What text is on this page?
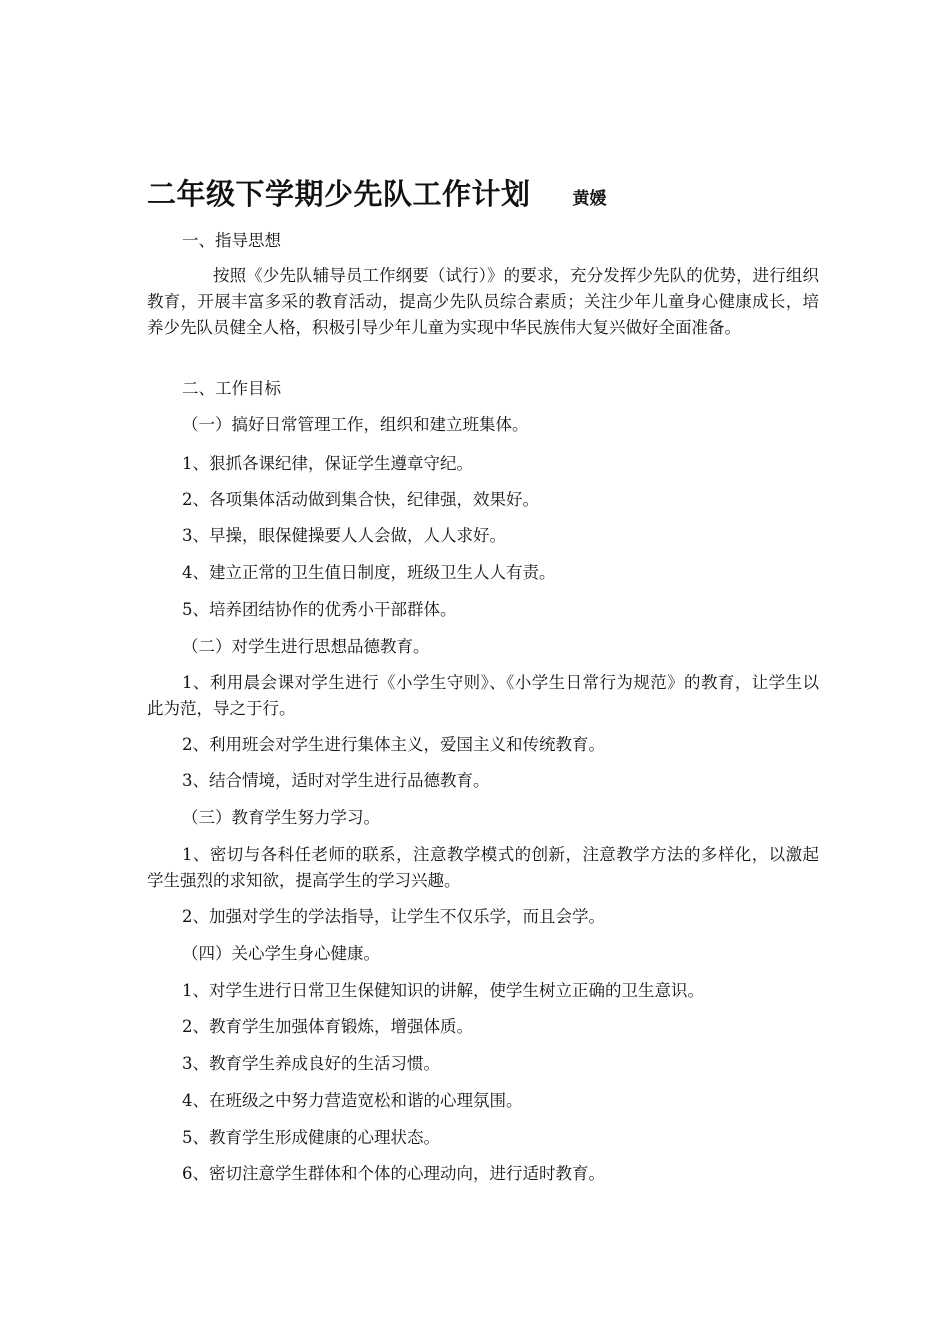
二年级下学期少先队工作计划 黄媛
一、指导思想
按照《少先队辅导员工作纲要（试行）》的要求，充分发挥少先队的优势，进行组织教育，开展丰富多采的教育活动，提高少先队员综合素质；关注少年儿童身心健康成长，培养少先队员健全人格，积极引导少年儿童为实现中华民族伟大复兴做好全面准备。
二、工作目标
（一）搞好日常管理工作，组织和建立班集体。
1、狠抓各课纪律，保证学生遵章守纪。
2、各项集体活动做到集合快，纪律强，效果好。
3、早操，眼保健操要人人会做，人人求好。
4、建立正常的卫生值日制度，班级卫生人人有责。
5、培养团结协作的优秀小干部群体。
（二）对学生进行思想品德教育。
1、利用晨会课对学生进行《小学生守则》、《小学生日常行为规范》的教育，让学生以此为范，导之于行。
2、利用班会对学生进行集体主义，爱国主义和传统教育。
3、结合情境，适时对学生进行品德教育。
（三）教育学生努力学习。
1、密切与各科任老师的联系，注意教学模式的创新，注意教学方法的多样化，以激起学生强烈的求知欲，提高学生的学习兴趣。
2、加强对学生的学法指导，让学生不仅乐学，而且会学。
（四）关心学生身心健康。
1、对学生进行日常卫生保健知识的讲解，使学生树立正确的卫生意识。
2、教育学生加强体育锻炼，增强体质。
3、教育学生养成良好的生活习惯。
4、在班级之中努力营造宽松和谐的心理氛围。
5、教育学生形成健康的心理状态。
6、密切注意学生群体和个体的心理动向，进行适时教育。
